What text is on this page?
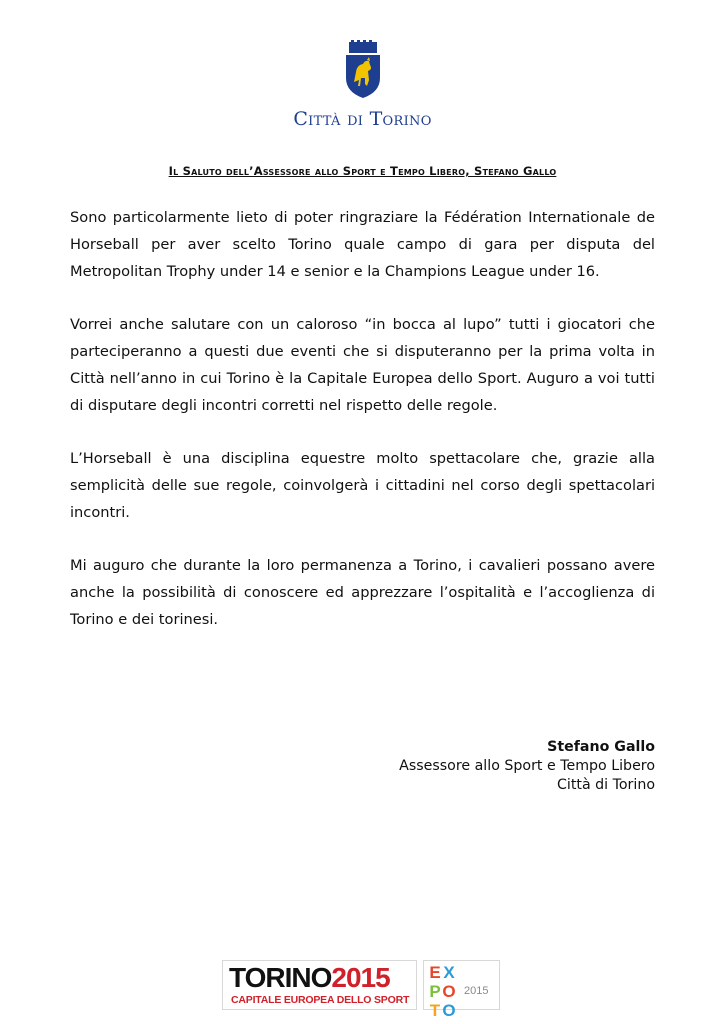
Città di Torino
Il Saluto dell’Assessore allo Sport e Tempo Libero, Stefano Gallo

Sono particolarmente lieto di poter ringraziare la Fédération Internationale de Horseball per aver scelto Torino quale campo di gara per disputa del Metropolitan Trophy under 14 e senior e la Champions League under 16.

Vorrei anche salutare con un caloroso “in bocca al lupo” tutti i giocatori che parteciperanno a questi due eventi che si disputeranno per la prima volta in Città nell’anno in cui Torino è la Capitale Europea dello Sport. Auguro a voi tutti di disputare degli incontri corretti nel rispetto delle regole.

L’Horseball è una disciplina equestre molto spettacolare che, grazie alla semplicità delle sue regole, coinvolgerà i cittadini nel corso degli spettacolari incontri.

Mi auguro che durante la loro permanenza a Torino, i cavalieri possano avere anche la possibilità di conoscere ed apprezzare l’ospitalità e l’accoglienza di Torino e dei torinesi.

Stefano Gallo
Assessore allo Sport e Tempo Libero
Città di Torino
TORINO2015
CAPITALE EUROPEA DELLO SPORT
E XP OT O
2015
